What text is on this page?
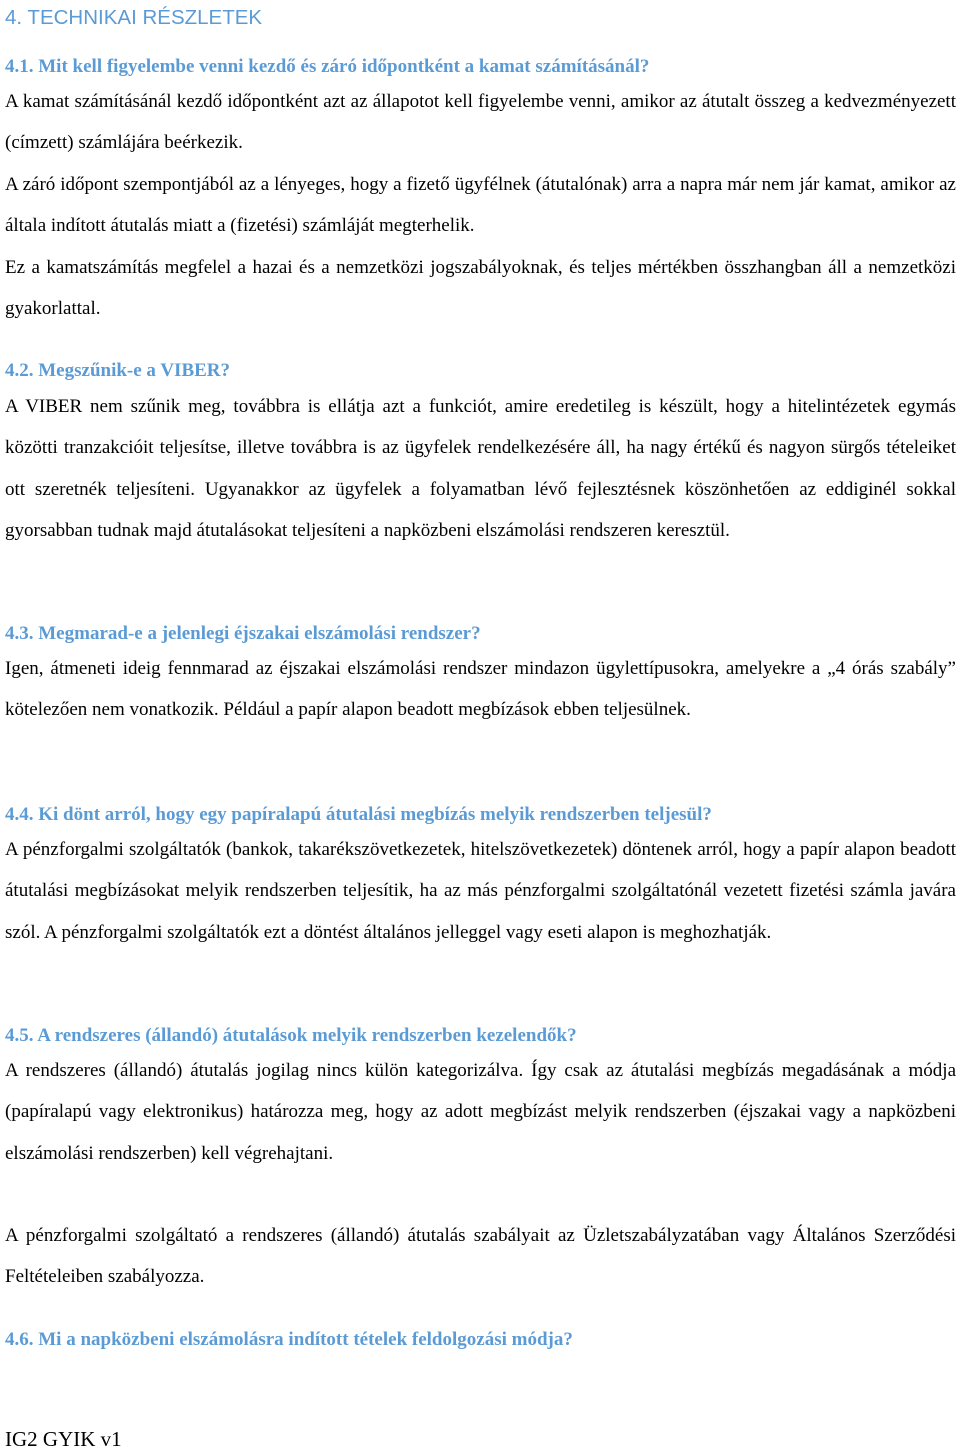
4. TECHNIKAI RÉSZLETEK
4.1. Mit kell figyelembe venni kezdő és záró időpontként a kamat számításánál?

A kamat számításánál kezdő időpontként azt az állapotot kell figyelembe venni, amikor az átutalt összeg a kedvezményezett (címzett) számlájára beérkezik.

A záró időpont szempontjából az a lényeges, hogy a fizető ügyfélnek (átutalónak) arra a napra már nem jár kamat, amikor az általa indított átutalás miatt a (fizetési) számláját megterhelik.

Ez a kamatszámítás megfelel a hazai és a nemzetközi jogszabályoknak, és teljes mértékben összhangban áll a nemzetközi gyakorlattal.

4.2. Megszűnik-e a VIBER?

A VIBER nem szűnik meg, továbbra is ellátja azt a funkciót, amire eredetileg is készült, hogy a hitelintézetek egymás közötti tranzakcióit teljesítse, illetve továbbra is az ügyfelek rendelkezésére áll, ha nagy értékű és nagyon sürgős tételeiket ott szeretnék teljesíteni. Ugyanakkor az ügyfelek a folyamatban lévő fejlesztésnek köszönhetően az eddiginél sokkal gyorsabban tudnak majd átutalásokat teljesíteni a napközbeni elszámolási rendszeren keresztül.

4.3. Megmarad-e a jelenlegi éjszakai elszámolási rendszer?

Igen, átmeneti ideig fennmarad az éjszakai elszámolási rendszer mindazon ügylettípusokra, amelyekre a „4 órás szabály” kötelezően nem vonatkozik. Például a papír alapon beadott megbízások ebben teljesülnek.

4.4. Ki dönt arról, hogy egy papíralapú átutalási megbízás melyik rendszerben teljesül?

A pénzforgalmi szolgáltatók (bankok, takarékszövetkezetek, hitelszövetkezetek) döntenek arról, hogy a papír alapon beadott átutalási megbízásokat melyik rendszerben teljesítik, ha az más pénzforgalmi szolgáltatónál vezetett fizetési számla javára szól. A pénzforgalmi szolgáltatók ezt a döntést általános jelleggel vagy eseti alapon is meghozhatják.

4.5. A rendszeres (állandó) átutalások melyik rendszerben kezelendők?

A rendszeres (állandó) átutalás jogilag nincs külön kategorizálva. Így csak az átutalási megbízás megadásának a módja (papíralapú vagy elektronikus) határozza meg, hogy az adott megbízást melyik rendszerben (éjszakai vagy a napközbeni elszámolási rendszerben) kell végrehajtani.

A pénzforgalmi szolgáltató a rendszeres (állandó) átutalás szabályait az Üzletszabályzatában vagy Általános Szerződési Feltételeiben szabályozza.

4.6. Mi a napközbeni elszámolásra indított tételek feldolgozási módja?

IG2 GYIK v1
